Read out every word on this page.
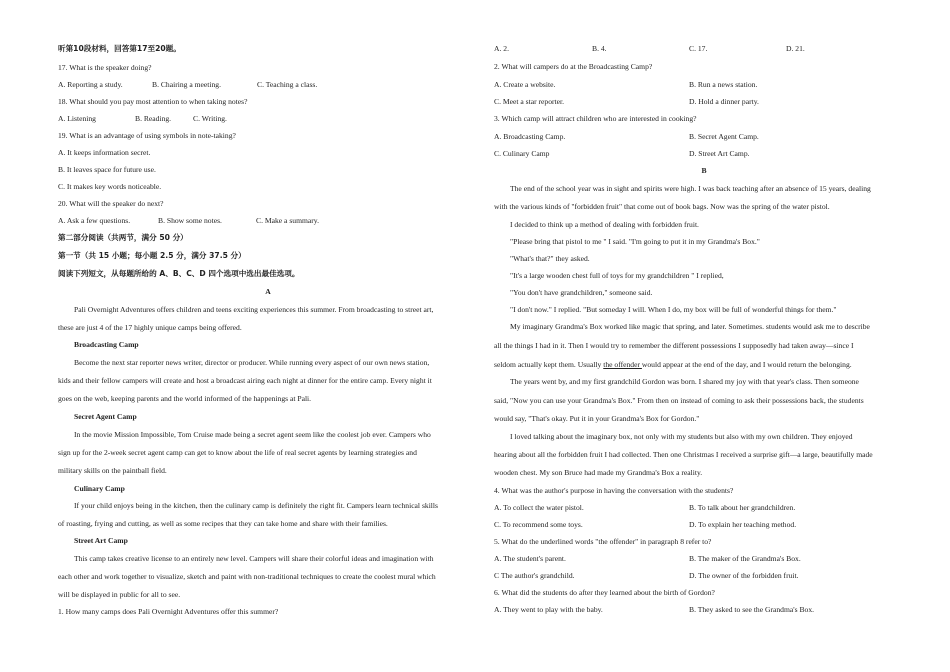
听第10段材料，回答第17至20题。
17. What is the speaker doing?
A. Reporting a study.	B. Chairing a meeting.	C. Teaching a class.
18. What should you pay most attention to when taking notes?
A. Listening	B. Reading.	C. Writing.
19. What is an advantage of using symbols in note-taking?
A. It keeps information secret.
B. It leaves space for future use.
C. It makes key words noticeable.
20. What will the speaker do next?
A. Ask a few questions.	B. Show some notes.	C. Make a summary.
第二部分阅读（共两节，满分 50 分）
第一节（共 15 小题；每小题 2.5 分，满分 37.5 分）
阅读下列短文，从每题所给的 A、B、C、D 四个选项中选出最佳选项。
A
Pali Overnight Adventures offers children and teens exciting experiences this summer. From broadcasting to street art,
these are just 4 of the 17 highly unique camps being offered.
Broadcasting Camp
Become the next star reporter news writer, director or producer. While running every aspect of our own news station,
kids and their fellow campers will create and host a broadcast airing each night at dinner for the entire camp. Every night it
goes on the web, keeping parents and the world informed of the happenings at Pali.
Secret Agent Camp
In the movie Mission Impossible, Tom Cruise made being a secret agent seem like the coolest job ever. Campers who
sign up for the 2-week secret agent camp can get to know about the life of real secret agents by learning strategies and
military skills on the paintball field.
Culinary Camp
If your child enjoys being in the kitchen, then the culinary camp is definitely the right fit. Campers learn technical skills
of roasting, frying and cutting, as well as some recipes that they can take home and share with their families.
Street Art Camp
This camp takes creative license to an entirely new level. Campers will share their colorful ideas and imagination with
each other and work together to visualize, sketch and paint with non-traditional techniques to create the coolest mural which
will be displayed in public for all to see.
1. How many camps does Pali Overnight Adventures offer this summer?
A. 2.	B. 4.	C. 17.	D. 21.
2. What will campers do at the Broadcasting Camp?
A. Create a website.	B. Run a news station.
C. Meet a star reporter.	D. Hold a dinner party.
3. Which camp will attract children who are interested in cooking?
A. Broadcasting Camp.	B. Secret Agent Camp.
C. Culinary Camp	D. Street Art Camp.
B
The end of the school year was in sight and spirits were high. I was back teaching after an absence of 15 years, dealing
with the various kinds of "forbidden fruit" that come out of book bags. Now was the spring of the water pistol.
I decided to think up a method of dealing with forbidden fruit.
"Please bring that pistol to me " I said. "I'm going to put it in my Grandma's Box."
"What's that?" they asked.
"It's a large wooden chest full of toys for my grandchildren " I replied,
"You don't have grandchildren," someone said.
"I don't now." I replied. "But someday I will. When I do, my box will be full of wonderful things for them."
My imaginary Grandma's Box worked like magic that spring, and later. Sometimes. students would ask me to describe
all the things I had in it. Then I would try to remember the different possessions I supposedly had taken away—since I
seldom actually kept them. Usually the offender would appear at the end of the day, and I would return the belonging.
The years went by, and my first grandchild Gordon was born. I shared my joy with that year's class. Then someone
said, "Now you can use your Grandma's Box." From then on instead of coming to ask their possessions back, the students
would say, "That's okay. Put it in your Grandma's Box for Gordon."
I loved talking about the imaginary box, not only with my students but also with my own children. They enjoyed
hearing about all the forbidden fruit I had collected. Then one Christmas I received a surprise gift—a large, beautifully made
wooden chest. My son Bruce had made my Grandma's Box a reality.
4. What was the author's purpose in having the conversation with the students?
A. To collect the water pistol.	B. To talk about her grandchildren.
C. To recommend some toys.	D. To explain her teaching method.
5. What do the underlined words "the offender" in paragraph 8 refer to?
A. The student's parent.	B. The maker of the Grandma's Box.
C The author's grandchild.	D. The owner of the forbidden fruit.
6. What did the students do after they learned about the birth of Gordon?
A. They went to play with the baby.	B. They asked to see the Grandma's Box.
